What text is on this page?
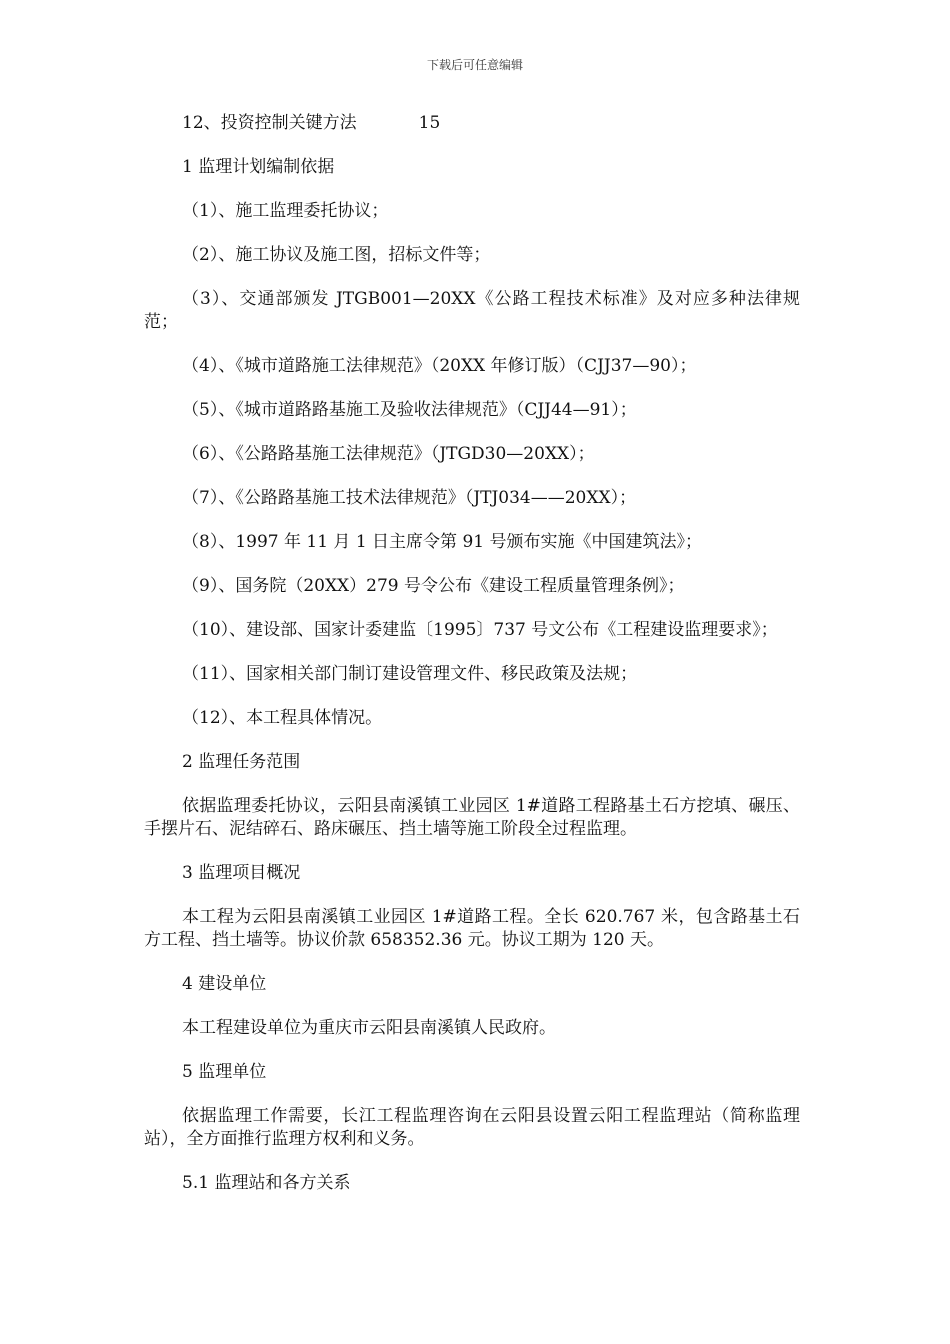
下载后可任意编辑
12、投资控制关键方法	15

1 监理计划编制依据

（1）、施工监理委托协议；

（2）、施工协议及施工图，招标文件等；

（3）、交通部颁发 JTGB001—20XX《公路工程技术标准》及对应多种法律规范；

（4）、《城市道路施工法律规范》（20XX 年修订版）（CJJ37—90）；

（5）、《城市道路路基施工及验收法律规范》（CJJ44—91）；

（6）、《公路路基施工法律规范》（JTGD30—20XX）；

（7）、《公路路基施工技术法律规范》（JTJ034——20XX）；

（8）、1997 年 11 月 1 日主席令第 91 号颁布实施《中国建筑法》；

（9）、国务院（20XX）279 号令公布《建设工程质量管理条例》；

（10）、建设部、国家计委建监〔1995〕737 号文公布《工程建设监理要求》；

（11）、国家相关部门制订建设管理文件、移民政策及法规；

（12）、本工程具体情况。

2 监理任务范围

依据监理委托协议，云阳县南溪镇工业园区 1#道路工程路基土石方挖填、碾压、手摆片石、泥结碎石、路床碾压、挡土墙等施工阶段全过程监理。

3 监理项目概况

本工程为云阳县南溪镇工业园区 1#道路工程。全长 620.767 米，包含路基土石方工程、挡土墙等。协议价款 658352.36 元。协议工期为 120 天。

4 建设单位

本工程建设单位为重庆市云阳县南溪镇人民政府。

5 监理单位

依据监理工作需要，长江工程监理咨询在云阳县设置云阳工程监理站（简称监理站），全方面推行监理方权利和义务。

5.1 监理站和各方关系
